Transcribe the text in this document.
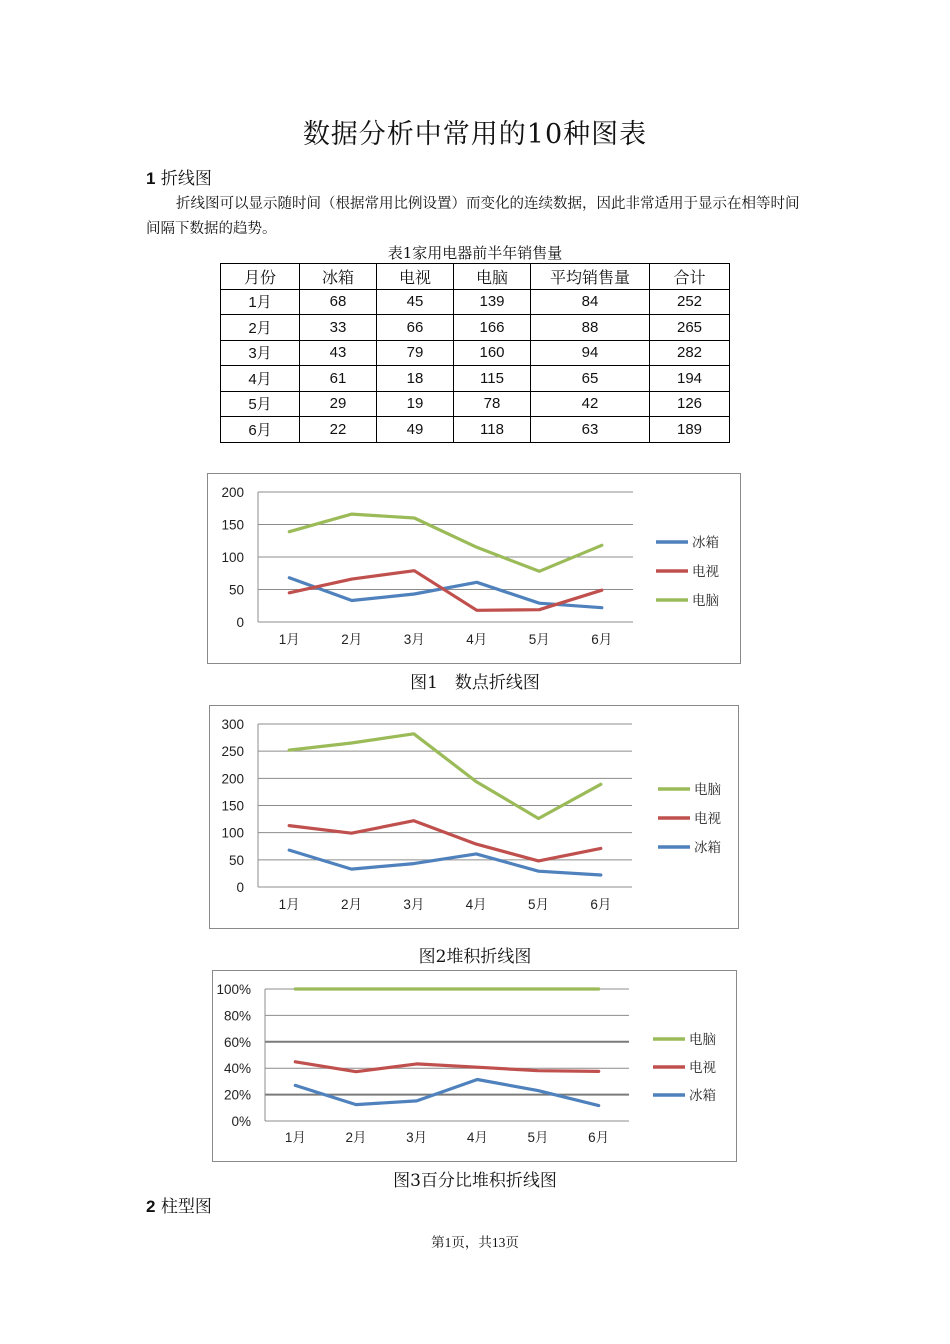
数据分析中常用的10种图表
1 折线图
折线图可以显示随时间（根据常用比例设置）而变化的连续数据，因此非常适用于显示在相等时间间隔下数据的趋势。
表1家用电器前半年销售量
月份	冰箱	电视	电脑	平均销售量	合计
1月	68	45	139	84	252
2月	33	66	166	88	265
3月	43	79	160	94	282
4月	61	18	115	65	194
5月	29	19	78	42	126
6月	22	49	118	63	189
0
50
100
150
200
1月	2月	3月	4月	5月	6月
冰箱
电视
电脑
图1　数点折线图
0
50
100
150
200
250
300
1月	2月	3月	4月	5月	6月
电脑
电视
冰箱
图2堆积折线图
0%
20%
40%
60%
80%
100%
1月	2月	3月	4月	5月	6月
电脑
电视
冰箱
图3百分比堆积折线图
2 柱型图
第1页，共13页
